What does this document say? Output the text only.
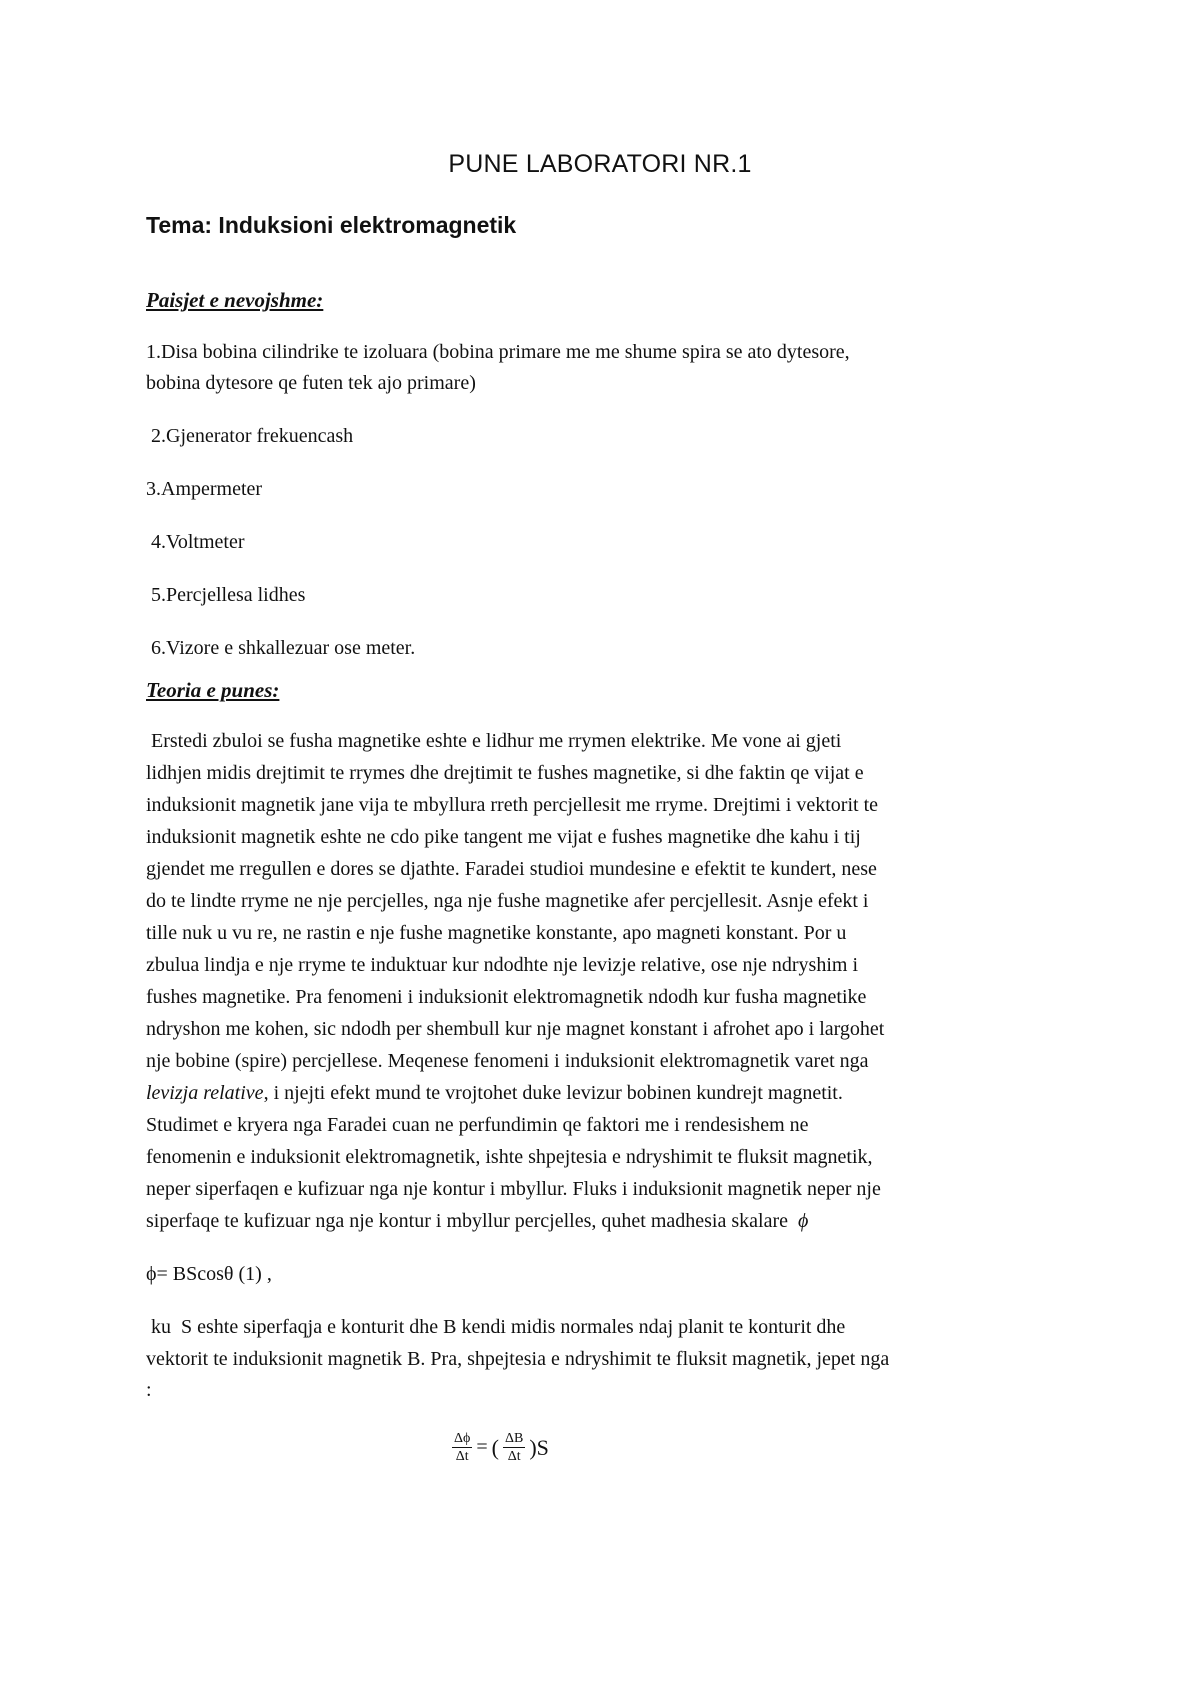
PUNE LABORATORI NR.1
Tema: Induksioni elektromagnetik
Paisjet e nevojshme:
1.Disa bobina cilindrike te izoluara (bobina primare me me shume spira se ato dytesore,
bobina dytesore qe futen tek ajo primare)
2.Gjenerator frekuencash
3.Ampermeter
4.Voltmeter
5.Percjellesa lidhes
6.Vizore e shkallezuar ose meter.
Teoria e punes:
Erstedi zbuloi se fusha magnetike eshte e lidhur me rrymen elektrike. Me vone ai gjeti
lidhjen midis drejtimit te rrymes dhe drejtimit te fushes magnetike, si dhe faktin qe vijat e
induksionit magnetik jane vija te mbyllura rreth percjellesit me rryme. Drejtimi i vektorit te
induksionit magnetik eshte ne cdo pike tangent me vijat e fushes magnetike dhe kahu i tij
gjendet me rregullen e dores se djathte. Faradei studioi mundesine e efektit te kundert, nese
do te lindte rryme ne nje percjelles, nga nje fushe magnetike afer percjellesit. Asnje efekt i
tille nuk u vu re, ne rastin e nje fushe magnetike konstante, apo magneti konstant. Por u
zbulua lindja e nje rryme te induktuar kur ndodhte nje levizje relative, ose nje ndryshim i
fushes magnetike. Pra fenomeni i induksionit elektromagnetik ndodh kur fusha magnetike
ndryshon me kohen, sic ndodh per shembull kur nje magnet konstant i afrohet apo i largohet
nje bobine (spire) percjellese. Meqenese fenomeni i induksionit elektromagnetik varet nga
levizja relative, i njejti efekt mund te vrojtohet duke levizur bobinen kundrejt magnetit.
Studimet e kryera nga Faradei cuan ne perfundimin qe faktori me i rendesishem ne
fenomenin e induksionit elektromagnetik, ishte shpejtesia e ndryshimit te fluksit magnetik,
neper siperfaqen e kufizuar nga nje kontur i mbyllur. Fluks i induksionit magnetik neper nje
siperfaqe te kufizuar nga nje kontur i mbyllur percjelles, quhet madhesia skalare ϕ
ϕ= BScosθ (1) ,
ku  S eshte siperfaqja e konturit dhe B kendi midis normales ndaj planit te konturit dhe
vektorit te induksionit magnetik B. Pra, shpejtesia e ndryshimit te fluksit magnetik, jepet nga
:
$\frac{\Delta\phi}{\Delta t}$ = ( $\frac{\Delta B}{\Delta t} )S$
